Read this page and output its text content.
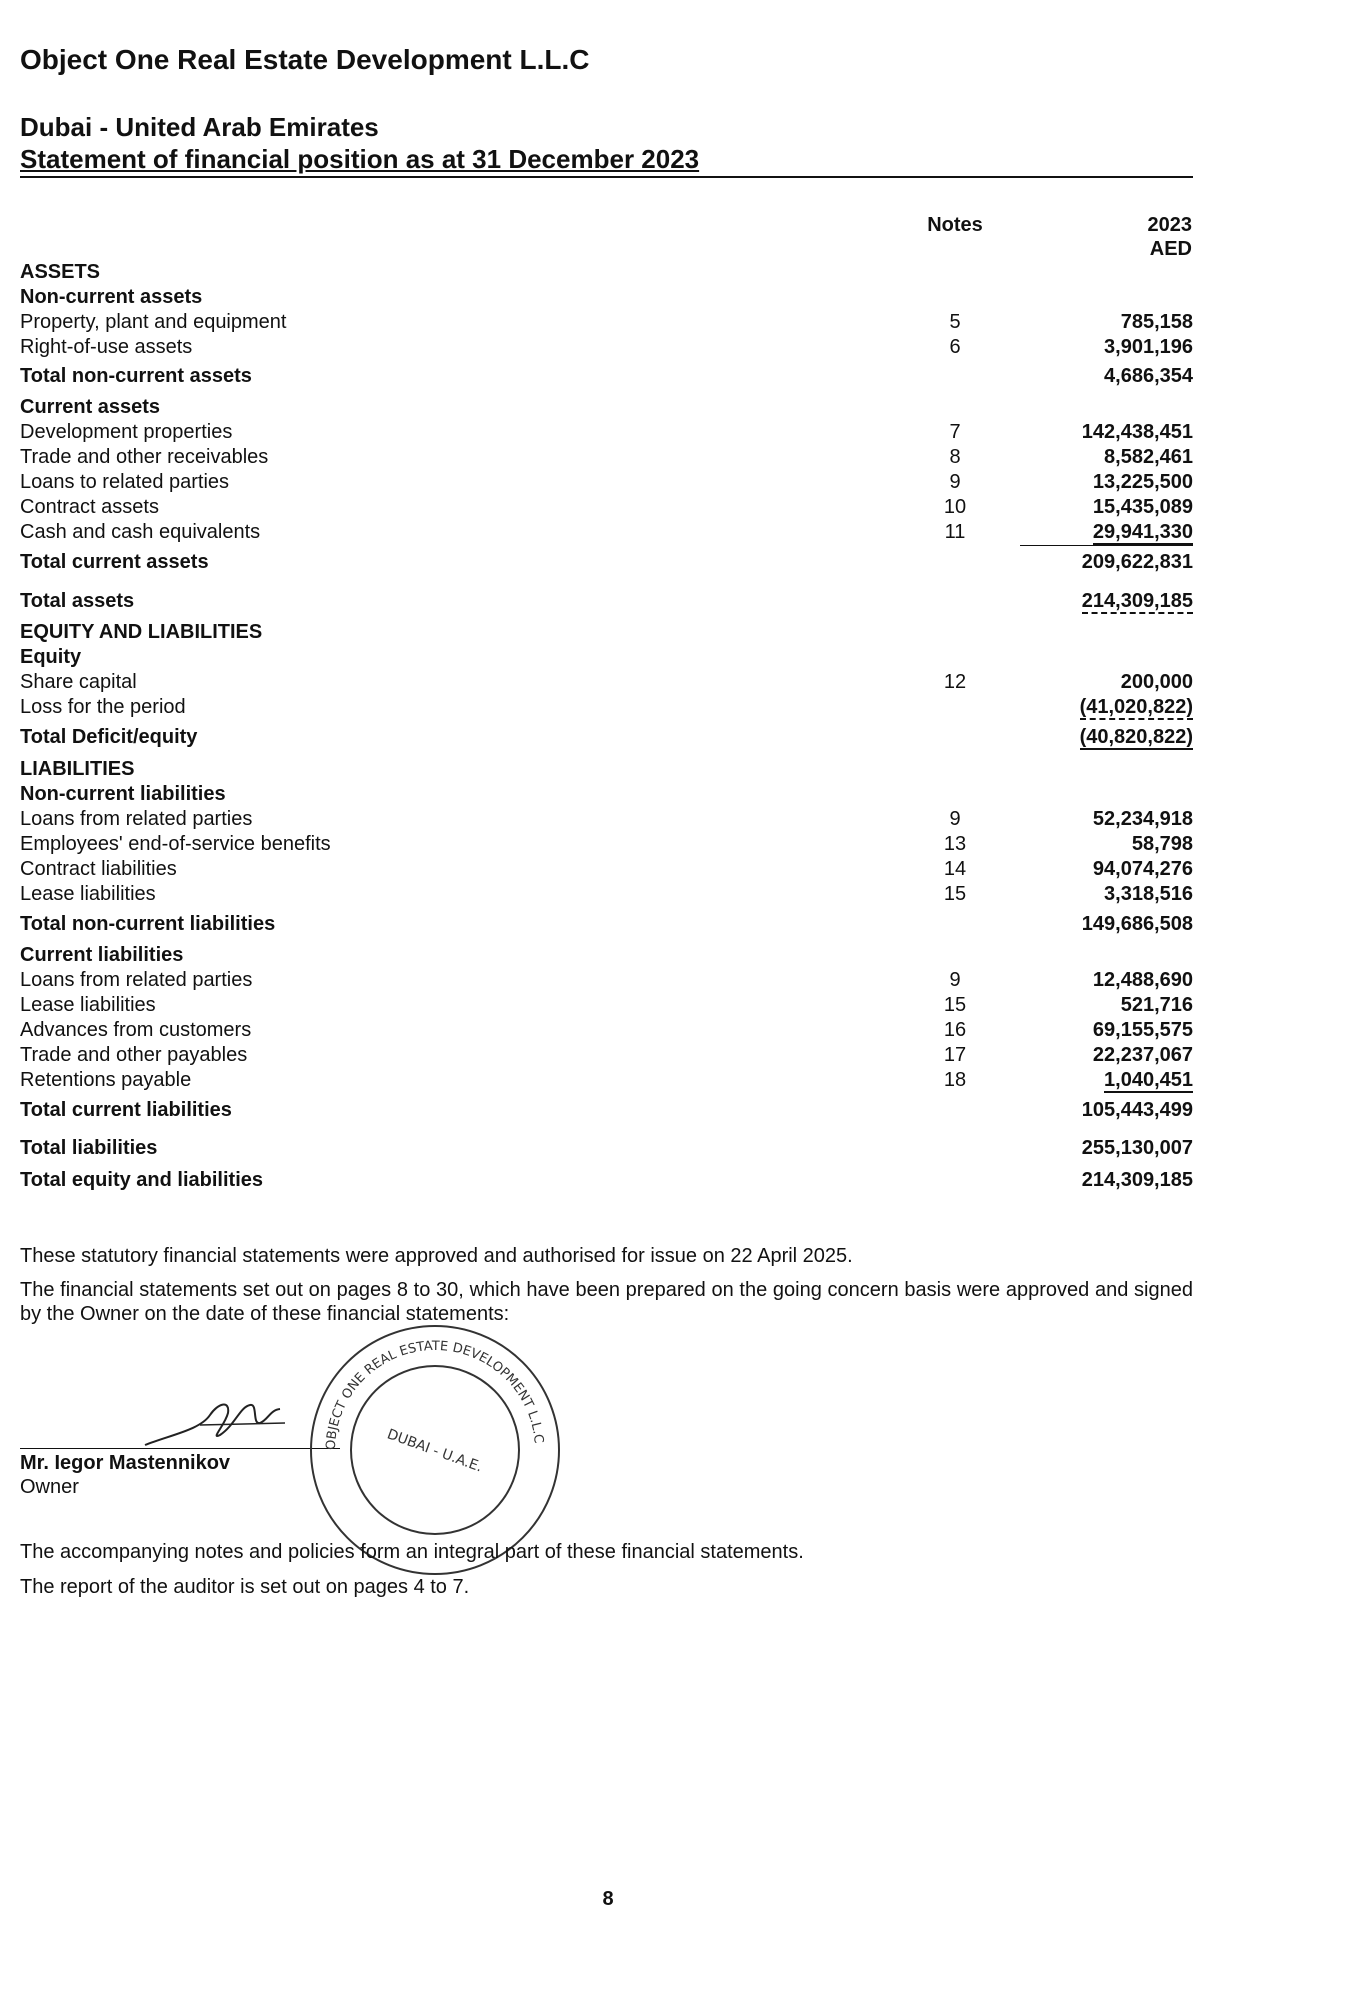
Object One Real Estate Development L.L.C
Dubai - United Arab Emirates
Statement of financial position as at 31 December 2023
Notes	2023
AED
ASSETS
Non-current assets
Property, plant and equipment	5	785,158
Right-of-use assets	6	3,901,196
Total non-current assets	4,686,354
Current assets
Development properties	7	142,438,451
Trade and other receivables	8	8,582,461
Loans to related parties	9	13,225,500
Contract assets	10	15,435,089
Cash and cash equivalents	11	29,941,330
Total current assets	209,622,831
Total assets	214,309,185
EQUITY AND LIABILITIES
Equity
Share capital	12	200,000
Loss for the period	(41,020,822)
Total Deficit/equity	(40,820,822)
LIABILITIES
Non-current liabilities
Loans from related parties	9	52,234,918
Employees' end-of-service benefits	13	58,798
Contract liabilities	14	94,074,276
Lease liabilities	15	3,318,516
Total non-current liabilities	149,686,508
Current liabilities
Loans from related parties	9	12,488,690
Lease liabilities	15	521,716
Advances from customers	16	69,155,575
Trade and other payables	17	22,237,067
Retentions payable	18	1,040,451
Total current liabilities	105,443,499
Total liabilities	255,130,007
Total equity and liabilities	214,309,185
These statutory financial statements were approved and authorised for issue on 22 April 2025.
The financial statements set out on pages 8 to 30, which have been prepared on the going concern basis were approved and signed by the Owner on the date of these financial statements:
Mr. Iegor Mastennikov
Owner
OBJECT ONE REAL ESTATE DEVELOPMENT L.L.C
DUBAI - U.A.E.
The accompanying notes and policies form an integral part of these financial statements.
The report of the auditor is set out on pages 4 to 7.
8
